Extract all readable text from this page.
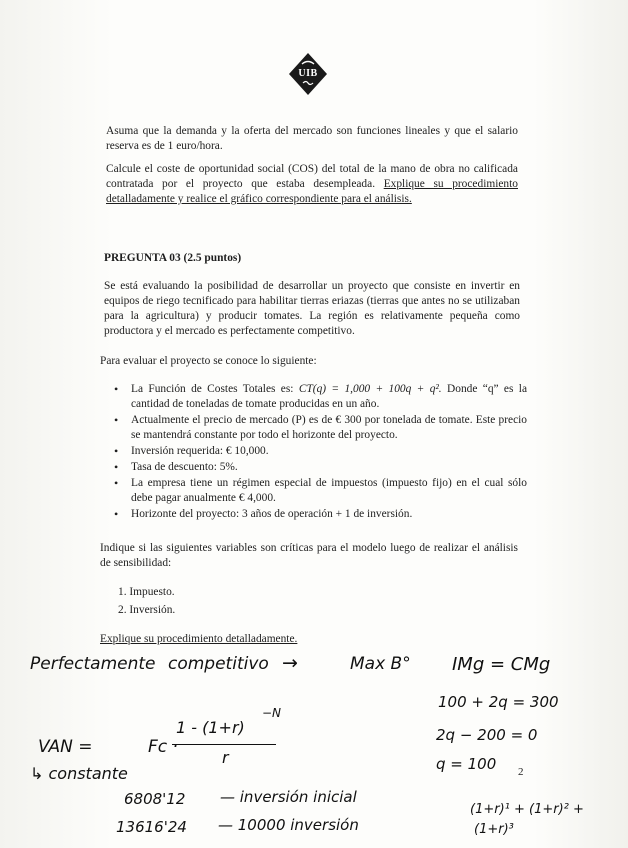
UIB
Asuma que la demanda y la oferta del mercado son funciones lineales y que el salario reserva es de 1 euro/hora.
Calcule el coste de oportunidad social (COS) del total de la mano de obra no calificada contratada por el proyecto que estaba desempleada. Explique su procedimiento detalladamente y realice el gráfico correspondiente para el análisis.
PREGUNTA 03 (2.5 puntos)
Se está evaluando la posibilidad de desarrollar un proyecto que consiste en invertir en equipos de riego tecnificado para habilitar tierras eriazas (tierras que antes no se utilizaban para la agricultura) y producir tomates. La región es relativamente pequeña como productora y el mercado es perfectamente competitivo.
Para evaluar el proyecto se conoce lo siguiente:
• La Función de Costes Totales es: CT(q) = 1,000 + 100q + q². Donde “q” es la cantidad de toneladas de tomate producidas en un año.
• Actualmente el precio de mercado (P) es de € 300 por tonelada de tomate. Este precio se mantendrá constante por todo el horizonte del proyecto.
• Inversión requerida: € 10,000.
• Tasa de descuento: 5%.
• La empresa tiene un régimen especial de impuestos (impuesto fijo) en el cual sólo debe pagar anualmente € 4,000.
• Horizonte del proyecto: 3 años de operación + 1 de inversión.
Indique si las siguientes variables son críticas para el modelo luego de realizar el análisis de sensibilidad:
1. Impuesto.
2. Inversión.
Explique su procedimiento detalladamente.
Perfectamente competitivo →	Max B° IMg = CMg
100 + 2q = 300
VAN =	Fc ·
1 - (1+r)
−N
r
2q − 200 = 0
↳ constante	q = 100
6808'12 — inversión inicial
13616'24 — 10000 inversión
(1+r)¹ + (1+r)² +
(1+r)³
2
